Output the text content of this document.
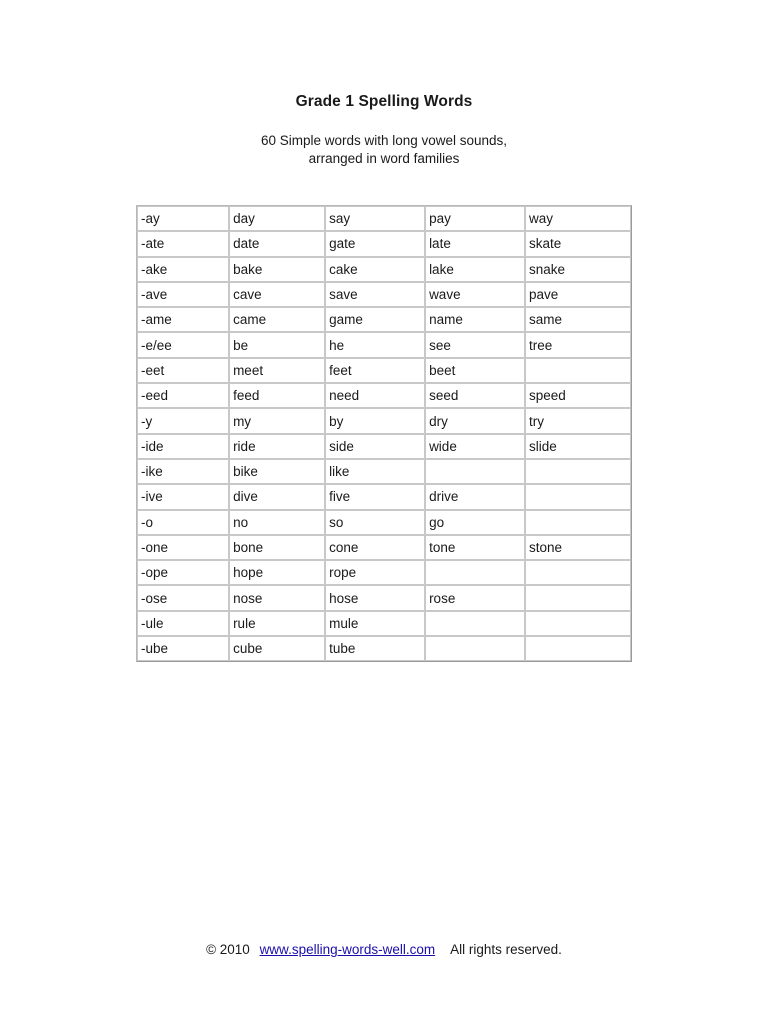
Grade 1 Spelling Words
60 Simple words with long vowel sounds,
arranged in word families
-ay	day	say	pay	way
-ate	date	gate	late	skate
-ake	bake	cake	lake	snake
-ave	cave	save	wave	pave
-ame	came	game	name	same
-e/ee	be	he	see	tree
-eet	meet	feet	beet	
-eed	feed	need	seed	speed
-y	my	by	dry	try
-ide	ride	side	wide	slide
-ike	bike	like		
-ive	dive	five	drive	
-o	no	so	go	
-one	bone	cone	tone	stone
-ope	hope	rope		
-ose	nose	hose	rose	
-ule	rule	mule		
-ube	cube	tube		
© 2010 www.spelling-words-well.com All rights reserved.
